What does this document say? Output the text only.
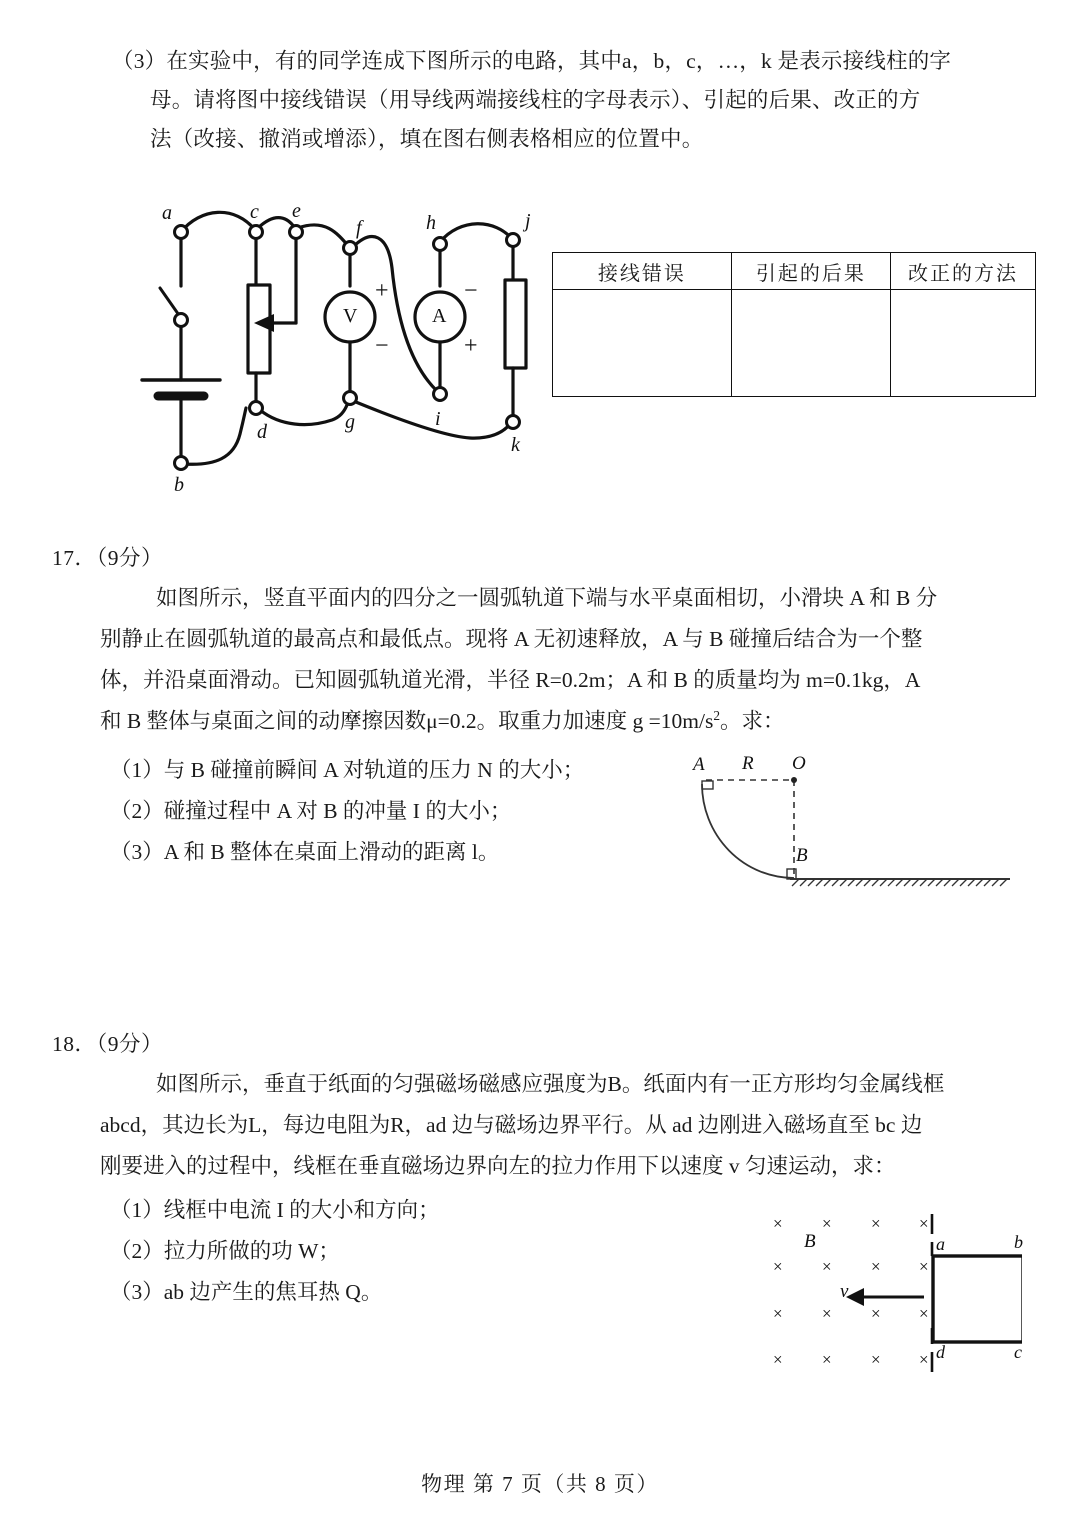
（3）在实验中，有的同学连成下图所示的电路，其中a，b，c，…，k 是表示接线柱的字
母。请将图中接线错误（用导线两端接线柱的字母表示）、引起的后果、改正的方
法（改接、撤消或增添），填在图右侧表格相应的位置中。
V
+
−
A
−
+
a
b
c
d
e
f
g
h
i
j
k
接线错误	引起的后果	改正的方法

17．（9分）
如图所示，竖直平面内的四分之一圆弧轨道下端与水平桌面相切，小滑块 A 和 B 分
别静止在圆弧轨道的最高点和最低点。现将 A 无初速释放，A 与 B 碰撞后结合为一个整
体，并沿桌面滑动。已知圆弧轨道光滑，半径 R=0.2m；A 和 B 的质量均为 m=0.1kg，A
和 B 整体与桌面之间的动摩擦因数μ=0.2。取重力加速度 $g =10m/s^2$。求：
（1）与 B 碰撞前瞬间 A 对轨道的压力 N 的大小；
（2）碰撞过程中 A 对 B 的冲量 I 的大小；
（3）A 和 B 整体在桌面上滑动的距离 l。
A R O
B
18．（9分）
如图所示，垂直于纸面的匀强磁场磁感应强度为B。纸面内有一正方形均匀金属线框
abcd，其边长为L，每边电阻为R，ad 边与磁场边界平行。从 ad 边刚进入磁场直至 bc 边
刚要进入的过程中，线框在垂直磁场边界向左的拉力作用下以速度 v 匀速运动，求：
（1）线框中电流 I 的大小和方向；
（2）拉力所做的功 W；
（3）ab 边产生的焦耳热 Q。
× × × ×
× × × ×
× × × ×
× × × ×
B
v
a	b
c
d
物理 第 7 页（共 8 页）
